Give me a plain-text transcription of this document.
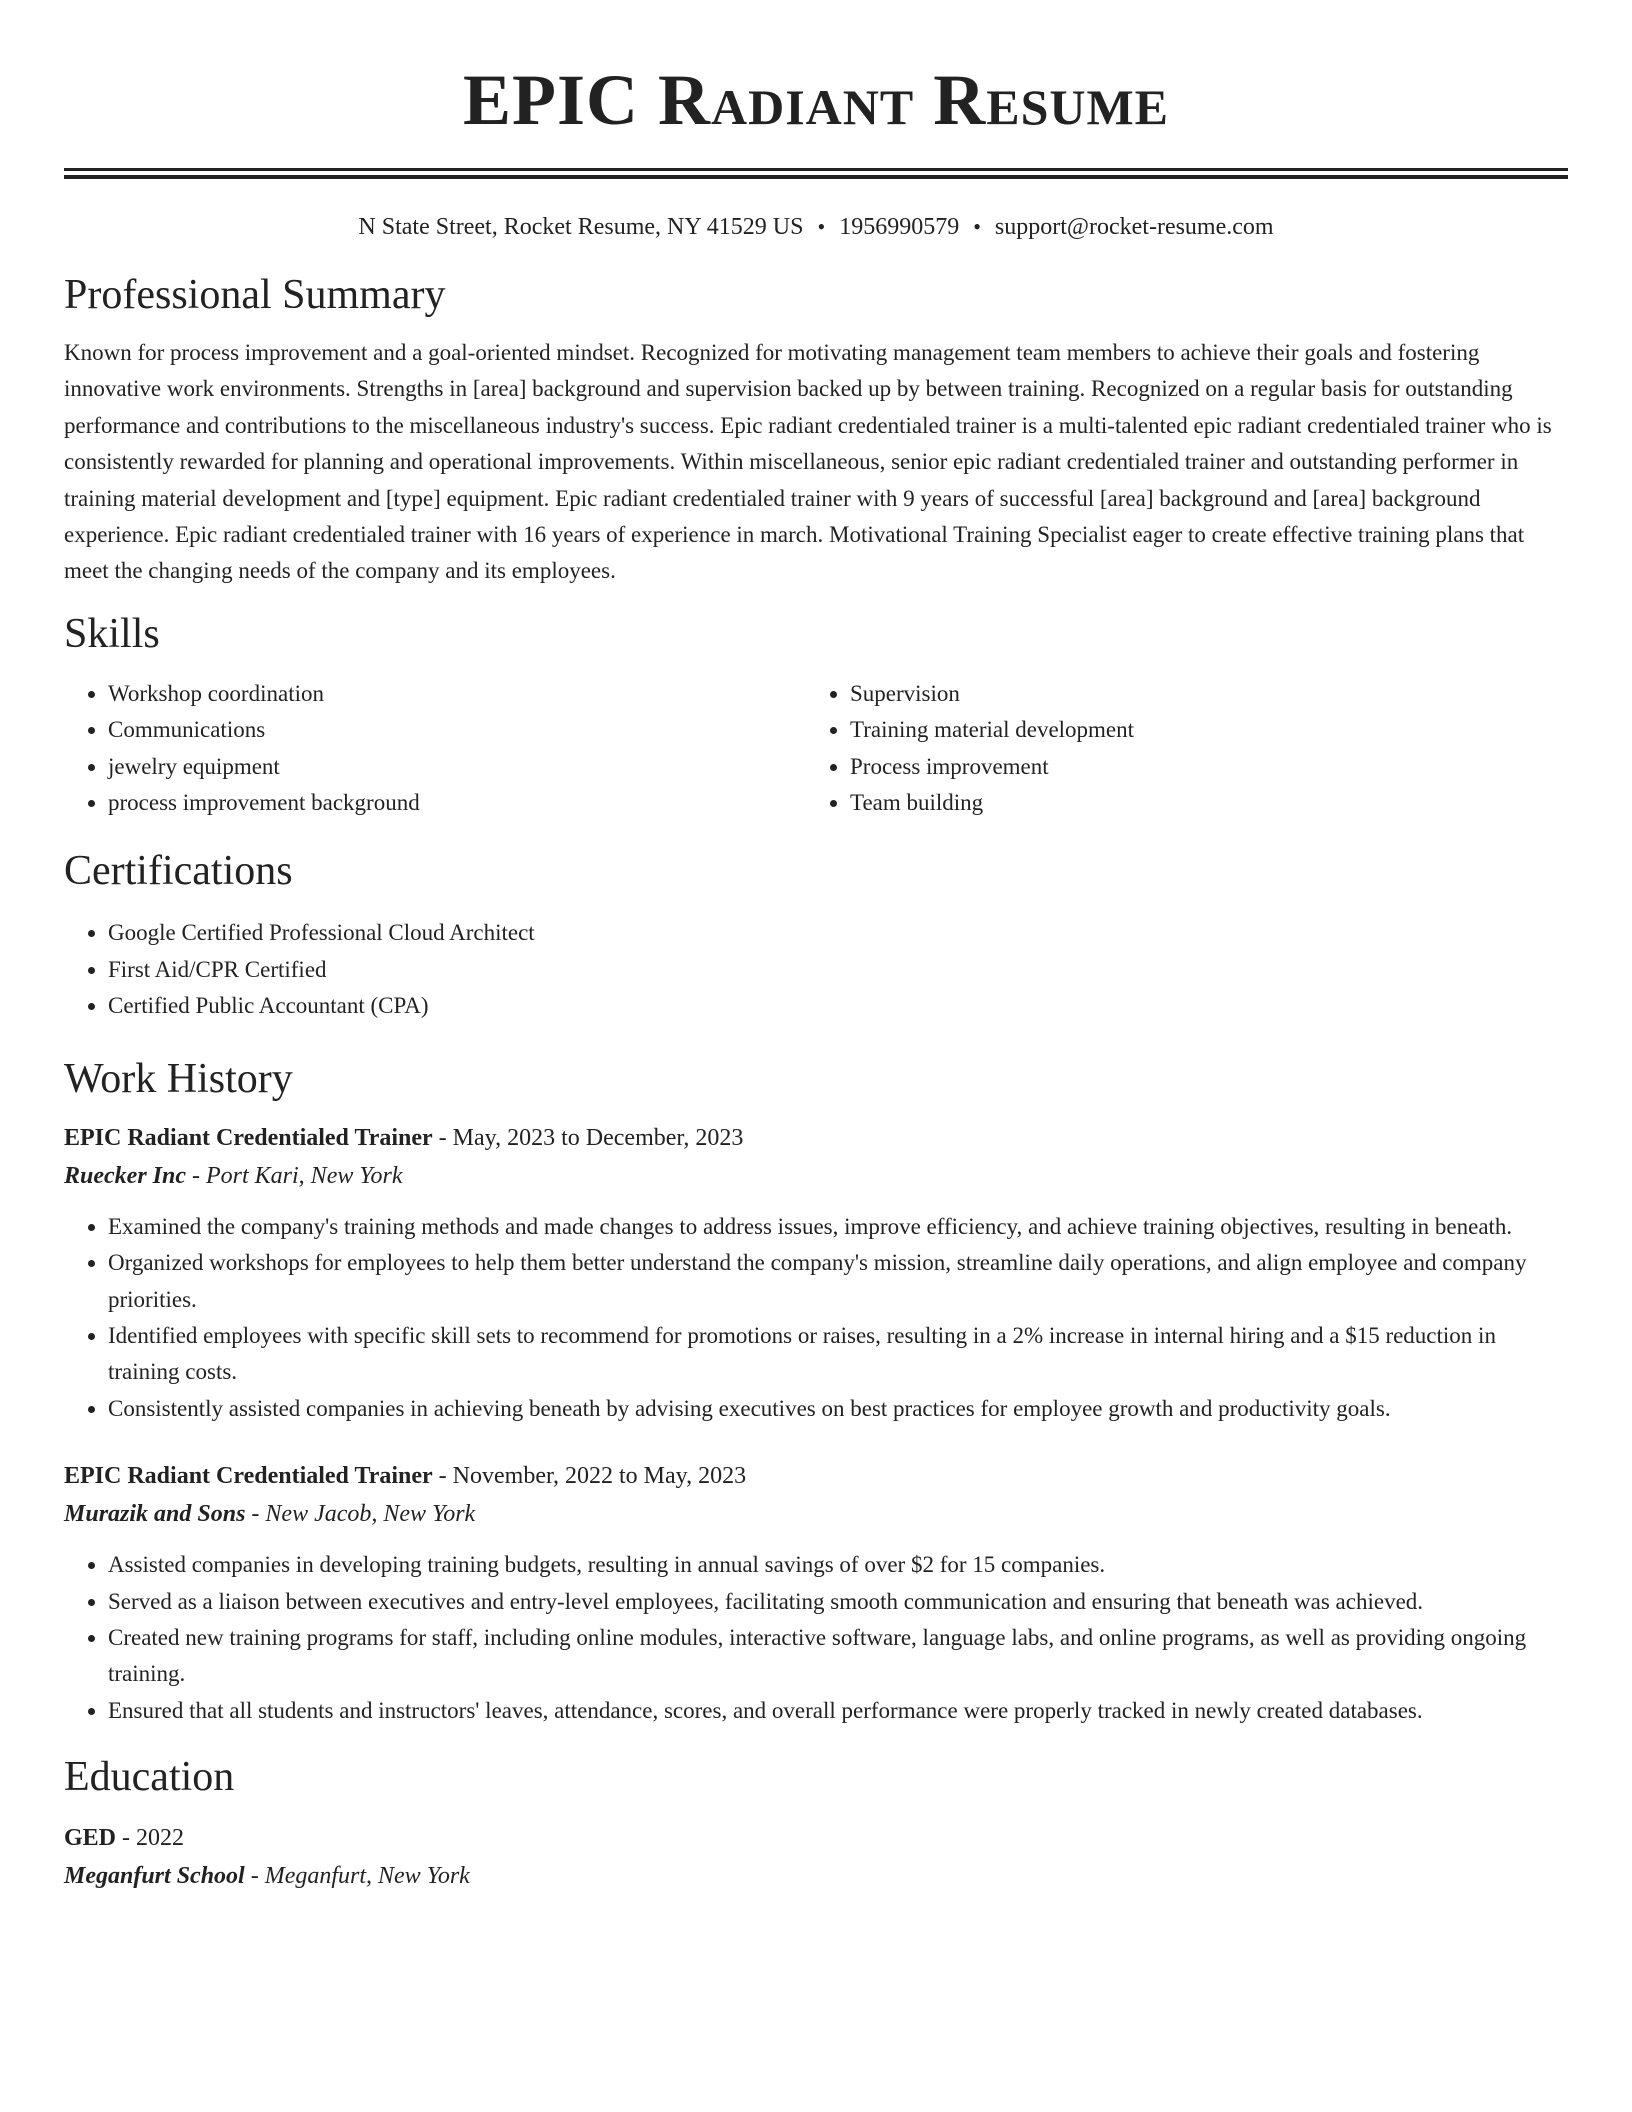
EPIC Radiant Resume
N State Street, Rocket Resume, NY 41529 US • 1956990579 • support@rocket-resume.com
Professional Summary

Known for process improvement and a goal-oriented mindset. Recognized for motivating management team members to achieve their goals and fostering innovative work environments. Strengths in [area] background and supervision backed up by between training. Recognized on a regular basis for outstanding performance and contributions to the miscellaneous industry's success. Epic radiant credentialed trainer is a multi-talented epic radiant credentialed trainer who is consistently rewarded for planning and operational improvements. Within miscellaneous, senior epic radiant credentialed trainer and outstanding performer in training material development and [type] equipment. Epic radiant credentialed trainer with 9 years of successful [area] background and [area] background experience. Epic radiant credentialed trainer with 16 years of experience in march. Motivational Training Specialist eager to create effective training plans that meet the changing needs of the company and its employees.

Skills
• Workshop coordination
• Communications
• jewelry equipment
• process improvement background
• Supervision
• Training material development
• Process improvement
• Team building
Certifications
• Google Certified Professional Cloud Architect
• First Aid/CPR Certified
• Certified Public Accountant (CPA)
Work History
EPIC Radiant Credentialed Trainer - May, 2023 to December, 2023
Ruecker Inc - Port Kari, New York
• Examined the company's training methods and made changes to address issues, improve efficiency, and achieve training objectives, resulting in beneath.
• Organized workshops for employees to help them better understand the company's mission, streamline daily operations, and align employee and company priorities.
• Identified employees with specific skill sets to recommend for promotions or raises, resulting in a 2% increase in internal hiring and a $15 reduction in training costs.
• Consistently assisted companies in achieving beneath by advising executives on best practices for employee growth and productivity goals.
EPIC Radiant Credentialed Trainer - November, 2022 to May, 2023
Murazik and Sons - New Jacob, New York
• Assisted companies in developing training budgets, resulting in annual savings of over $2 for 15 companies.
• Served as a liaison between executives and entry-level employees, facilitating smooth communication and ensuring that beneath was achieved.
• Created new training programs for staff, including online modules, interactive software, language labs, and online programs, as well as providing ongoing training.
• Ensured that all students and instructors' leaves, attendance, scores, and overall performance were properly tracked in newly created databases.
Education
GED - 2022
Meganfurt School - Meganfurt, New York
